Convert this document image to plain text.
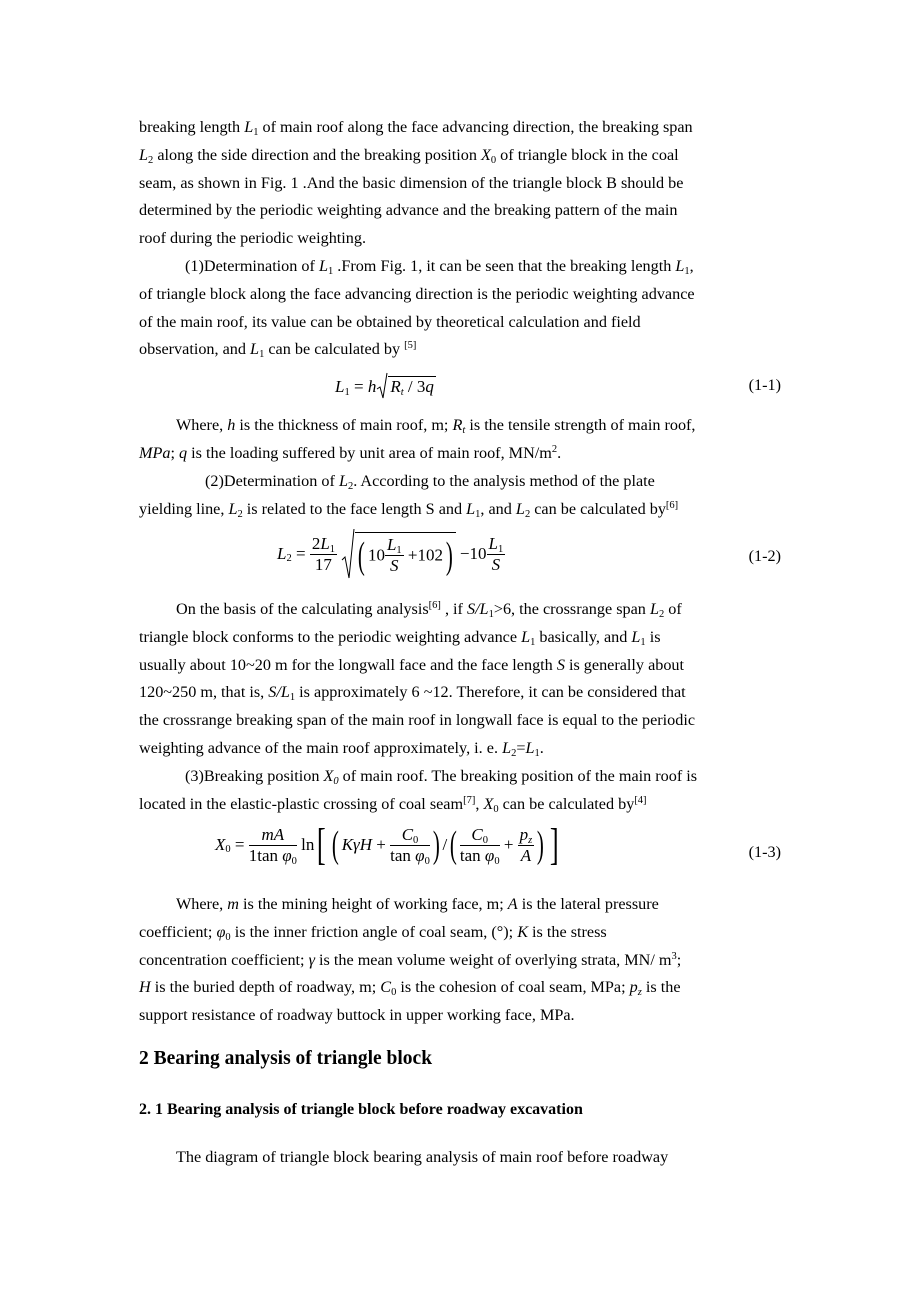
breaking length $L_1$ of main roof along the face advancing direction, the breaking span
$L_2$ along the side direction and the breaking position $X_0$ of triangle block in the coal
seam, as shown in Fig. 1 .And the basic dimension of the triangle block B should be
determined by the periodic weighting advance and the breaking pattern of the main
roof during the periodic weighting.

(1)Determination of $L_1$ .From Fig. 1, it can be seen that the breaking length $L_1$,
of triangle block along the face advancing direction is the periodic weighting advance
of the main roof, its value can be obtained by theoretical calculation and field
observation, and $L_1$ can be calculated by [5]

$L_1 = h$ $R_t / 3q$	(1-1)

Where, h is the thickness of main roof, m; $R_t$ is the tensile strength of main roof,
MPa; q is the loading suffered by unit area of main roof, $MN/m^2$.

(2)Determination of $L_2$. According to the analysis method of the plate
yielding line, $L_2$ is related to the face length S and $L_1$, and $L_2$ can be calculated by[6]

$L_2 = \frac{2L_1}{17}$ ( $10 \frac{L_1}{S} +102) -10 \frac{L_1}{S}$	(1-2)

On the basis of the calculating analysis[6] , if $S/L_1>6$, the crossrange span $L_2$ of
triangle block conforms to the periodic weighting advance $L_1$ basically, and $L_1$ is
usually about 10~20 m for the longwall face and the face length S is generally about
120~250 m, that is, $S/L_1$ is approximately 6 ~12. Therefore, it can be considered that
the crossrange breaking span of the main roof in longwall face is equal to the periodic
weighting advance of the main roof approximately, i. e. $L_2=L_1$.

(3)Breaking position $X_0$ of main roof. The breaking position of the main roof is
located in the elastic-plastic crossing of coal seam[7], $X_0$ can be calculated by[4]

$X_0 = \frac{mA}{1\tan \varphi_0} \ln$[ ( $K\gamma H + \frac{C_0}{\tan \varphi_0}$ ) /( $\frac{C_0}{\tan \varphi_0} + \frac{p_z}{A}$ ) ]	(1-3)

Where, m is the mining height of working face, m; A is the lateral pressure
coefficient; $\varphi_0$ is the inner friction angle of coal seam, (°); K is the stress
concentration coefficient; γ is the mean volume weight of overlying strata, MN/ $m^3$;
H is the buried depth of roadway, m; $C_0$ is the cohesion of coal seam, MPa; $p_z$ is the
support resistance of roadway buttock in upper working face, MPa.

2 Bearing analysis of triangle block
2. 1 Bearing analysis of triangle block before roadway excavation

The diagram of triangle block bearing analysis of main roof before roadway
